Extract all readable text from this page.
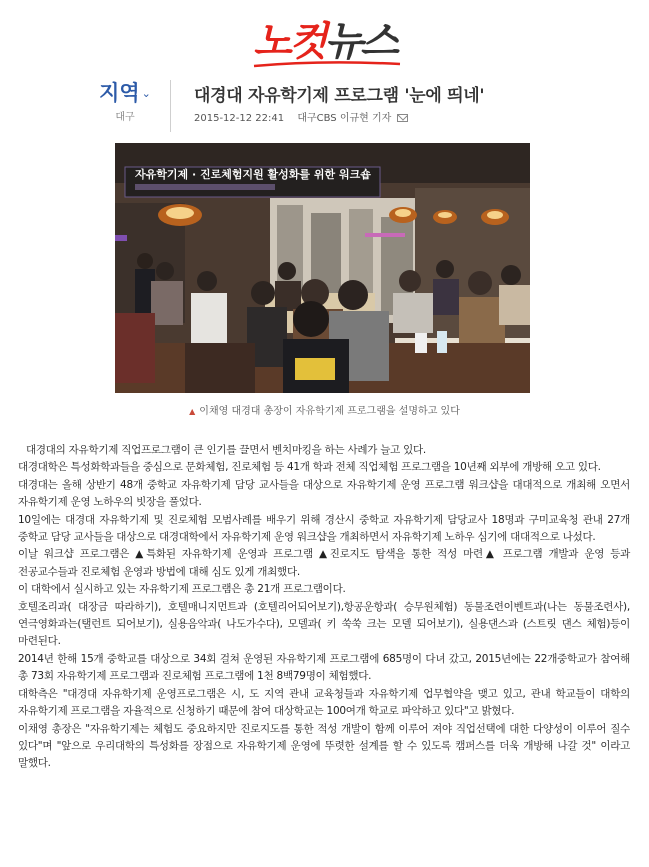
노컷뉴스
지역 ⌄
대구
대경대 자유학기제 프로그램 '눈에 띄네'
2015-12-12 22:41 대구CBS 이규현 기자
자유학기제 · 진로체험지원 활성화를 위한 워크숍
▲ 이채영 대경대 총장이 자유학기제 프로그램을 설명하고 있다

대경대의 자유학기제 직업프로그램이 큰 인기를 끌면서 벤치마킹을 하는 사례가 늘고 있다.

대경대학은 특성화학과들을 중심으로 문화체험, 진로체험 등 41개 학과 전체 직업체험 프로그램을 10년째 외부에 개방해 오고 있다.

대경대는 올해 상반기 48개 중학교 자유학기제 담당 교사들을 대상으로 자유학기제 운영 프로그램 워크샵을 대대적으로 개최해 오면서 자유학기제 운영 노하우의 빗장을 풀었다.

10일에는 대경대 자유학기제 및 진로체험 모범사례를 배우기 위해 경산시 중학교 자유학기제 담당교사 18명과 구미교육청 관내 27개 중학교 담당 교사들을 대상으로 대경대학에서 자유학기제 운영 워크샵을 개최하면서 자유학기제 노하우 심기에 대대적으로 나섰다.

이날 워크샵 프로그램은 ▲특화된 자유학기제 운영과 프로그램 ▲진로지도 탐색을 통한 적성 마련▲ 프로그램 개발과 운영 등과 전공교수들과 진로체험 운영과 방법에 대해 심도 있게 개최했다.

이 대학에서 실시하고 있는 자유학기제 프로그램은 총 21개 프로그램이다.

호텔조리과( 대장금 따라하기), 호텔매니지먼트과 (호텔리어되어보기),항공운항과( 승무원체험) 동물조련이벤트과(나는 동물조련사), 연극영화과는(탤런트 되어보기), 실용음악과( 나도가수다), 모델과( 키 쑥쑥 크는 모델 되어보기), 실용댄스과 (스트릿 댄스 체험)등이 마련된다.

2014년 한해 15개 중학교를 대상으로 34회 걸쳐 운영된 자유학기제 프로그램에 685명이 다녀 갔고, 2015년에는 22개중학교가 참여해 총 73회 자유학기제 프로그램과 진로체험 프로그램에 1천 8백79명이 체험했다.

대학측은 "대경대 자유학기제 운영프로그램은 시, 도 지역 관내 교육청들과 자유학기제 업무협약을 맺고 있고, 관내 학교들이 대학의 자유학기제 프로그램을 자율적으로 신청하기 때문에 참여 대상학교는 100여개 학교로 파악하고 있다"고 밝혔다.

이채영 총장은 "자유학기제는 체험도 중요하지만 진로지도를 통한 적성 개발이 함께 이루어 져야 직업선택에 대한 다양성이 이루어 질수 있다"며 "앞으로 우리대학의 특성화를 장점으로 자유학기제 운영에 뚜렷한 설계를 할 수 있도록 캠퍼스를 더욱 개방해 나갈 것" 이라고 말했다.
